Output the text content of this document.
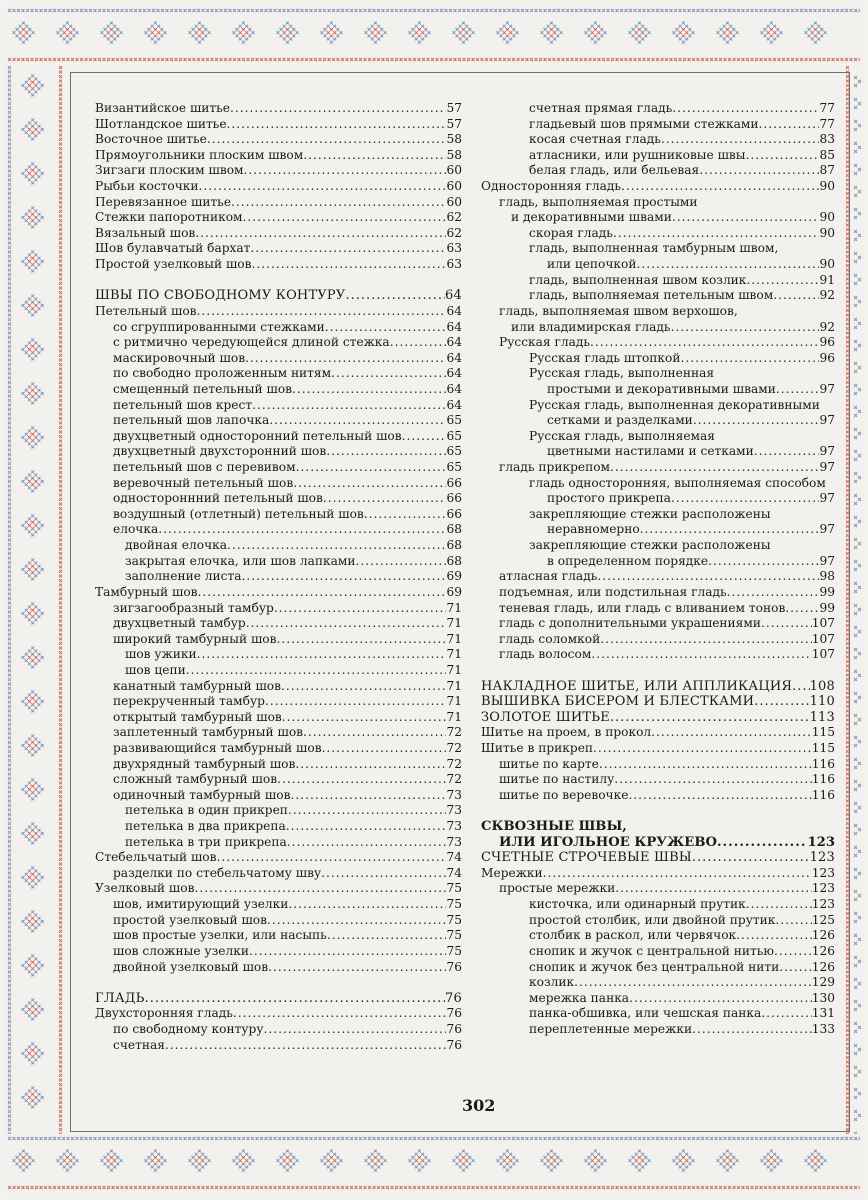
Византийское шитье .....	57
Шотландское шитье .....	57
Восточное шитье .....	58
Прямоугольники плоским швом .....	58
Зигзаги плоским швом .....	60
Рыбьи косточки .....	60
Перевязанное шитье .....	60
Стежки папоротником .....	62
Вязальный шов .....	62
Шов булавчатый бархат .....	63
Простой узелковый шов .....	63
ШВЫ ПО СВОБОДНОМУ КОНТУРУ .....	64
Петельный шов .....	64
со сгруппированными стежками .....	64
с ритмично чередующейся длиной стежка .....	64
маскировочный шов .....	64
по свободно проложенным нитям .....	64
смещенный петельный шов .....	64
петельный шов крест .....	64
петельный шов лапочка .....	65
двухцветный односторонний петельный шов .....	65
двухцветный двухсторонний шов .....	65
петельный шов с перевивом .....	65
веревочный петельный шов .....	66
одностороннний петельный шов .....	66
воздушный (отлетный) петельный шов .....	66
елочка .....	68
двойная елочка .....	68
закрытая елочка, или шов лапками .....	68
заполнение листа .....	69
Тамбурный шов .....	69
зигзагообразный тамбур .....	71
двухцветный тамбур .....	71
широкий тамбурный шов .....	71
шов ужики .....	71
шов цепи .....	71
канатный тамбурный шов .....	71
перекрученный тамбур .....	71
открытый тамбурный шов .....	71
заплетенный тамбурный шов .....	72
развивающийся тамбурный шов .....	72
двухрядный тамбурный шов .....	72
сложный тамбурный шов .....	72
одиночный тамбурный шов .....	73
петелька в один прикреп .....	73
петелька в два прикрепа .....	73
петелька в три прикрепа .....	73
Стебельчатый шов .....	74
разделки по стебельчатому шву .....	74
Узелковый шов .....	75
шов, имитирующий узелки .....	75
простой узелковый шов .....	75
шов простые узелки, или насыпь .....	75
шов сложные узелки .....	75
двойной узелковый шов .....	76
ГЛАДЬ .....	76
Двухсторонняя гладь .....	76
по свободному контуру .....	76
счетная .....	76
счетная прямая гладь .....	77
гладьевый шов прямыми стежками .....	77
косая счетная гладь .....	83
атласники, или рушниковые швы .....	85
белая гладь, или бельевая .....	87
Односторонняя гладь .....	90
гладь, выполняемая простыми
и декоративными швами .....	90
скорая гладь .....	90
гладь, выполненная тамбурным швом,
или цепочкой .....	90
гладь, выполненная швом козлик .....	91
гладь, выполняемая петельным швом .....	92
гладь, выполняемая швом верхошов,
или владимирская гладь .....	92
Русская гладь .....	96
Русская гладь штопкой .....	96
Русская гладь, выполненная
простыми и декоративными швами .....	97
Русская гладь, выполненная декоративными
сетками и разделками .....	97
Русская гладь, выполняемая
цветными настилами и сетками .....	97
гладь прикрепом .....	97
гладь односторонняя, выполняемая способом
простого прикрепа .....	97
закрепляющие стежки расположены
неравномерно .....	97
закрепляющие стежки расположены
в определенном порядке .....	97
атласная гладь .....	98
подъемная, или подстильная гладь .....	99
теневая гладь, или гладь с вливанием тонов .....	99
гладь с дополнительными украшениями .....	107
гладь соломкой .....	107
гладь волосом .....	107
НАКЛАДНОЕ ШИТЬЕ, ИЛИ АППЛИКАЦИЯ ..... 108
ВЫШИВКА БИСЕРОМ И БЛЕСТКАМИ .....	110
ЗОЛОТОЕ ШИТЬЕ .....	113
Шитье на проем, в прокол .....	115
Шитье в прикреп .....	115
шитье по карте .....	116
шитье по настилу .....	116
шитье по веревочке .....	116
СКВОЗНЫЕ ШВЫ,
ИЛИ ИГОЛЬНОЕ КРУЖЕВО .....	123
СЧЕТНЫЕ СТРОЧЕВЫЕ ШВЫ .....	123
Мережки .....	123
простые мережки .....	123
кисточка, или одинарный прутик .....	123
простой столбик, или двойной прутик .....	125
столбик в раскол, или червячок .....	126
снопик и жучок с центральной нитью .....	126
снопик и жучок без центральной нити .....	126
козлик .....	129
мережка панка .....	130
панка-обшивка, или чешская панка .....	131
переплетенные мережки .....	133
302
